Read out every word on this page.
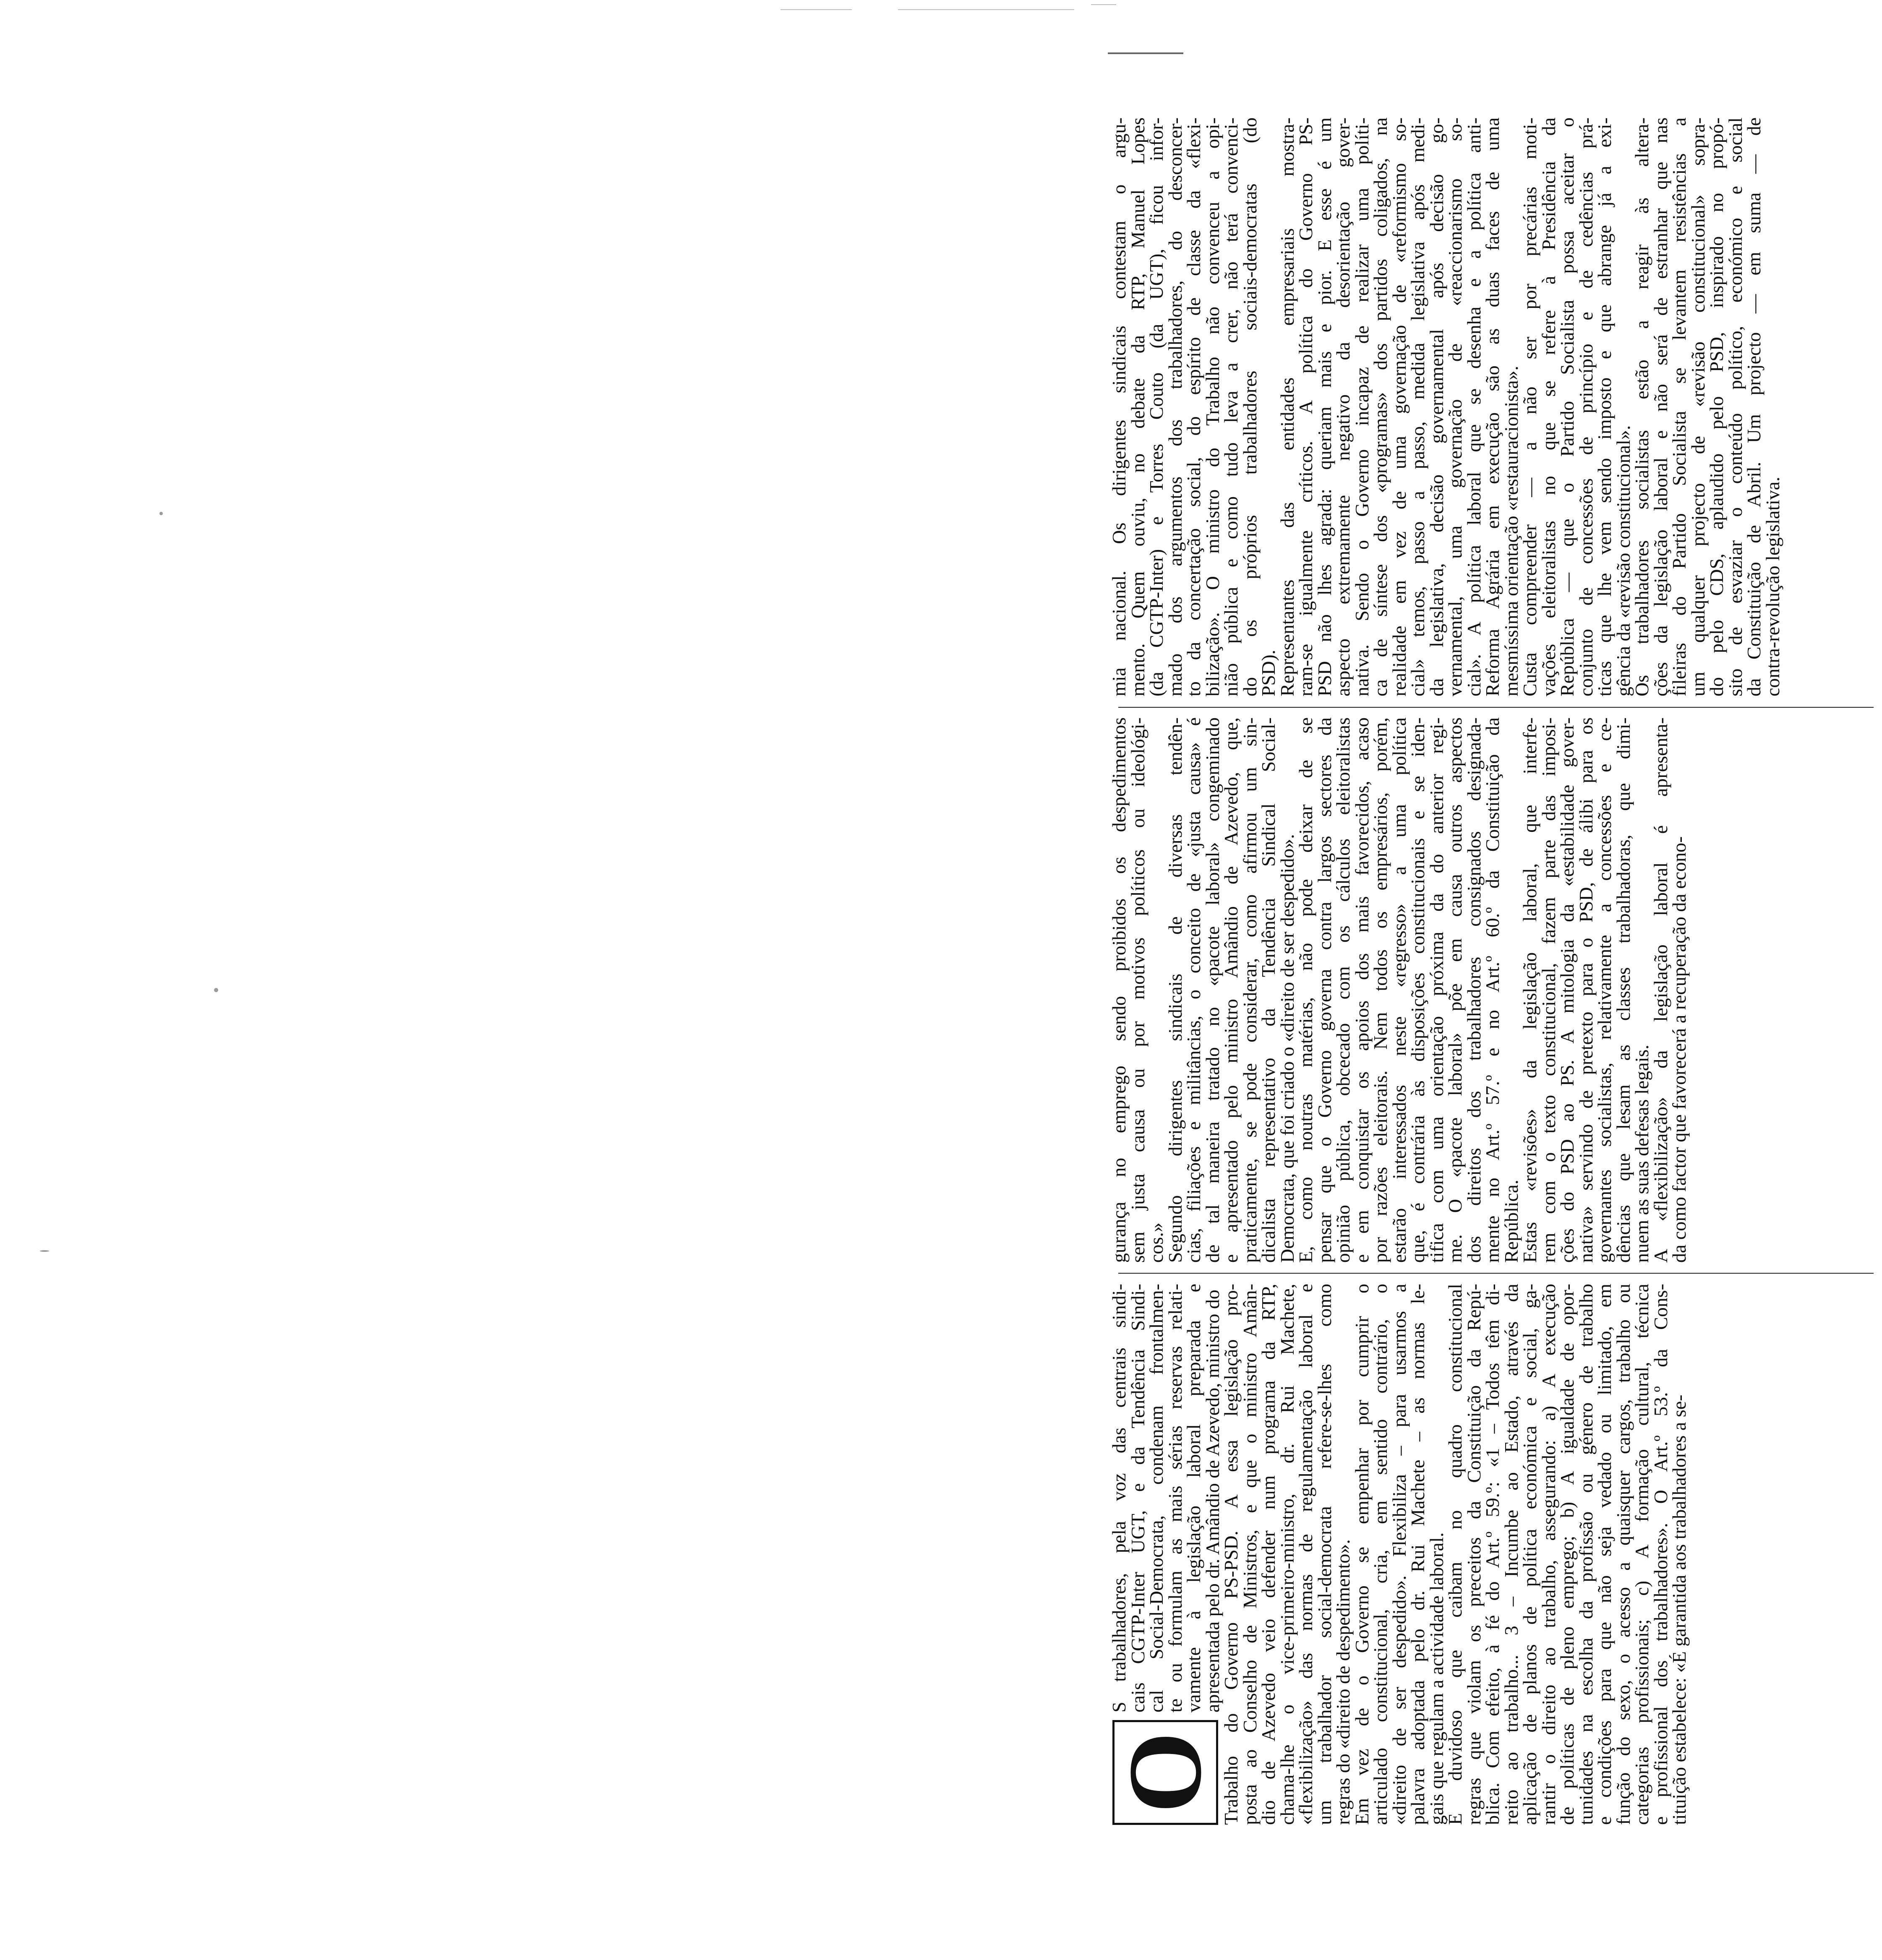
O
S trabalhadores, pela voz das centrais sindi-
cais CGTP-Inter UGT, e da Tendência Sindi-
cal Social-Democrata, condenam frontalmen-
te ou formulam as mais sérias reservas relati-
vamente à legislação laboral preparada e
apresentada pelo dr. Amândio de Azevedo, ministro do
Trabalho do Governo PS-PSD. A essa legislação pro-
posta ao Conselho de Ministros, e que o ministro Amân-
dio de Azevedo veio defender num programa da RTP,
chama-lhe o vice-primeiro-ministro, dr. Rui Machete,
«flexibilização» das normas de regulamentação laboral e
um trabalhador social-democrata refere-se-lhes como
regras do «direito de despedimento».
Em vez de o Governo se empenhar por cumprir o
articulado constitucional, cria, em sentido contrário, o
«direito de ser despedido». Flexibiliza – para usarmos a
palavra adoptada pelo dr. Rui Machete – as normas le-
gais que regulam a actividade laboral.
É duvidoso que caibam no quadro constitucional
regras que violam os preceitos da Constituição da Repú-
blica. Com efeito, à fé do Art.º 59.º: «1 – Todos têm di-
reito ao trabalho... 3 – Incumbe ao Estado, através da
aplicação de planos de política económica e social, ga-
rantir o direito ao trabalho, assegurando: a) A execução
de políticas de pleno emprego; b) A igualdade de opor-
tunidades na escolha da profissão ou género de trabalho
e condições para que não seja vedado ou limitado, em
função do sexo, o acesso a quaisquer cargos, trabalho ou
categorias profissionais; c) A formação cultural, técnica
e profissional dos trabalhadores». O Art.º 53.º da Cons-
tituição estabelece: «É garantida aos trabalhadores a se-
gurança no emprego sendo proibidos os despedimentos
sem justa causa ou por motivos políticos ou ideológi-
cos.»
Segundo dirigentes sindicais de diversas tendên-
cias, filiações e militâncias, o conceito de «justa causa» é
de tal maneira tratado no «pacote laboral» congeminado
e apresentado pelo ministro Amândio de Azevedo, que,
praticamente, se pode considerar, como afirmou um sin-
dicalista representativo da Tendência Sindical Social-
Democrata, que foi criado o «direito de ser despedido».
E, como noutras matérias, não pode deixar de se
pensar que o Governo governa contra largos sectores da
opinião pública, obcecado com os cálculos eleitoralistas
e em conquistar os apoios dos mais favorecidos, acaso
por razões eleitorais. Nem todos os empresários, porém,
estarão interessados neste «regresso» a uma política
que, é contrária às disposições constitucionais e se iden-
tifica com uma orientação próxima da do anterior regi-
me. O «pacote laboral» põe em causa outros aspectos
dos direitos dos trabalhadores consignados designada-
mente no Art.º 57.º e no Art.º 60.º da Constituição da
República.
Estas «revisões» da legislação laboral, que interfe-
rem com o texto constitucional, fazem parte das imposi-
ções do PSD ao PS. A mitologia da «estabilidade gover-
nativa» servindo de pretexto para o PSD, de álibi para os
governantes socialistas, relativamente a concessões e ce-
dências que lesam as classes trabalhadoras, que dimi-
nuem as suas defesas legais.
A «flexibilização» da legislação laboral é apresenta-
da como factor que favorecerá a recuperação da econo-
mia nacional. Os dirigentes sindicais contestam o argu-
mento. Quem ouviu, no debate da RTP, Manuel Lopes
(da CGTP-Inter) e Torres Couto (da UGT), ficou infor-
mado dos argumentos dos trabalhadores, do desconcer-
to da concertação social, do espírito de classe da «flexi-
bilização». O ministro do Trabalho não convenceu a opi-
nião pública e como tudo leva a crer, não terá convenci-
do os próprios trabalhadores sociais-democratas (do
PSD).
Representantes das entidades empresariais mostra-
ram-se igualmente críticos. A política do Governo PS-
PSD não lhes agrada: queriam mais e pior. E esse é um
aspecto extremamente negativo da desorientação gover-
nativa. Sendo o Governo incapaz de realizar uma políti-
ca de síntese dos «programas» dos partidos coligados, na
realidade em vez de uma governação de «reformismo so-
cial» temos, passo a passo, medida legislativa após medi-
da legislativa, decisão governamental após decisão go-
vernamental, uma governação de «reaccionarismo so-
cial». A política laboral que se desenha e a política anti-
Reforma Agrária em execução são as duas faces de uma
mesmíssima orientação «restauracionista».
Custa compreender — a não ser por precárias moti-
vações eleitoralistas no que se refere à Presidência da
República — que o Partido Socialista possa aceitar o
conjunto de concessões de princípio e de cedências prá-
ticas que lhe vem sendo imposto e que abrange já a exi-
gência da «revisão constitucional».
Os trabalhadores socialistas estão a reagir às altera-
ções da legislação laboral e não será de estranhar que nas
fileiras do Partido Socialista se levantem resistências a
um qualquer projecto de «revisão constitucional» sopra-
do pelo CDS, aplaudido pelo PSD, inspirado no propó-
sito de esvaziar o conteúdo político, económico e social
da Constituição de Abril. Um projecto — em suma — de
contra-revolução legislativa.
